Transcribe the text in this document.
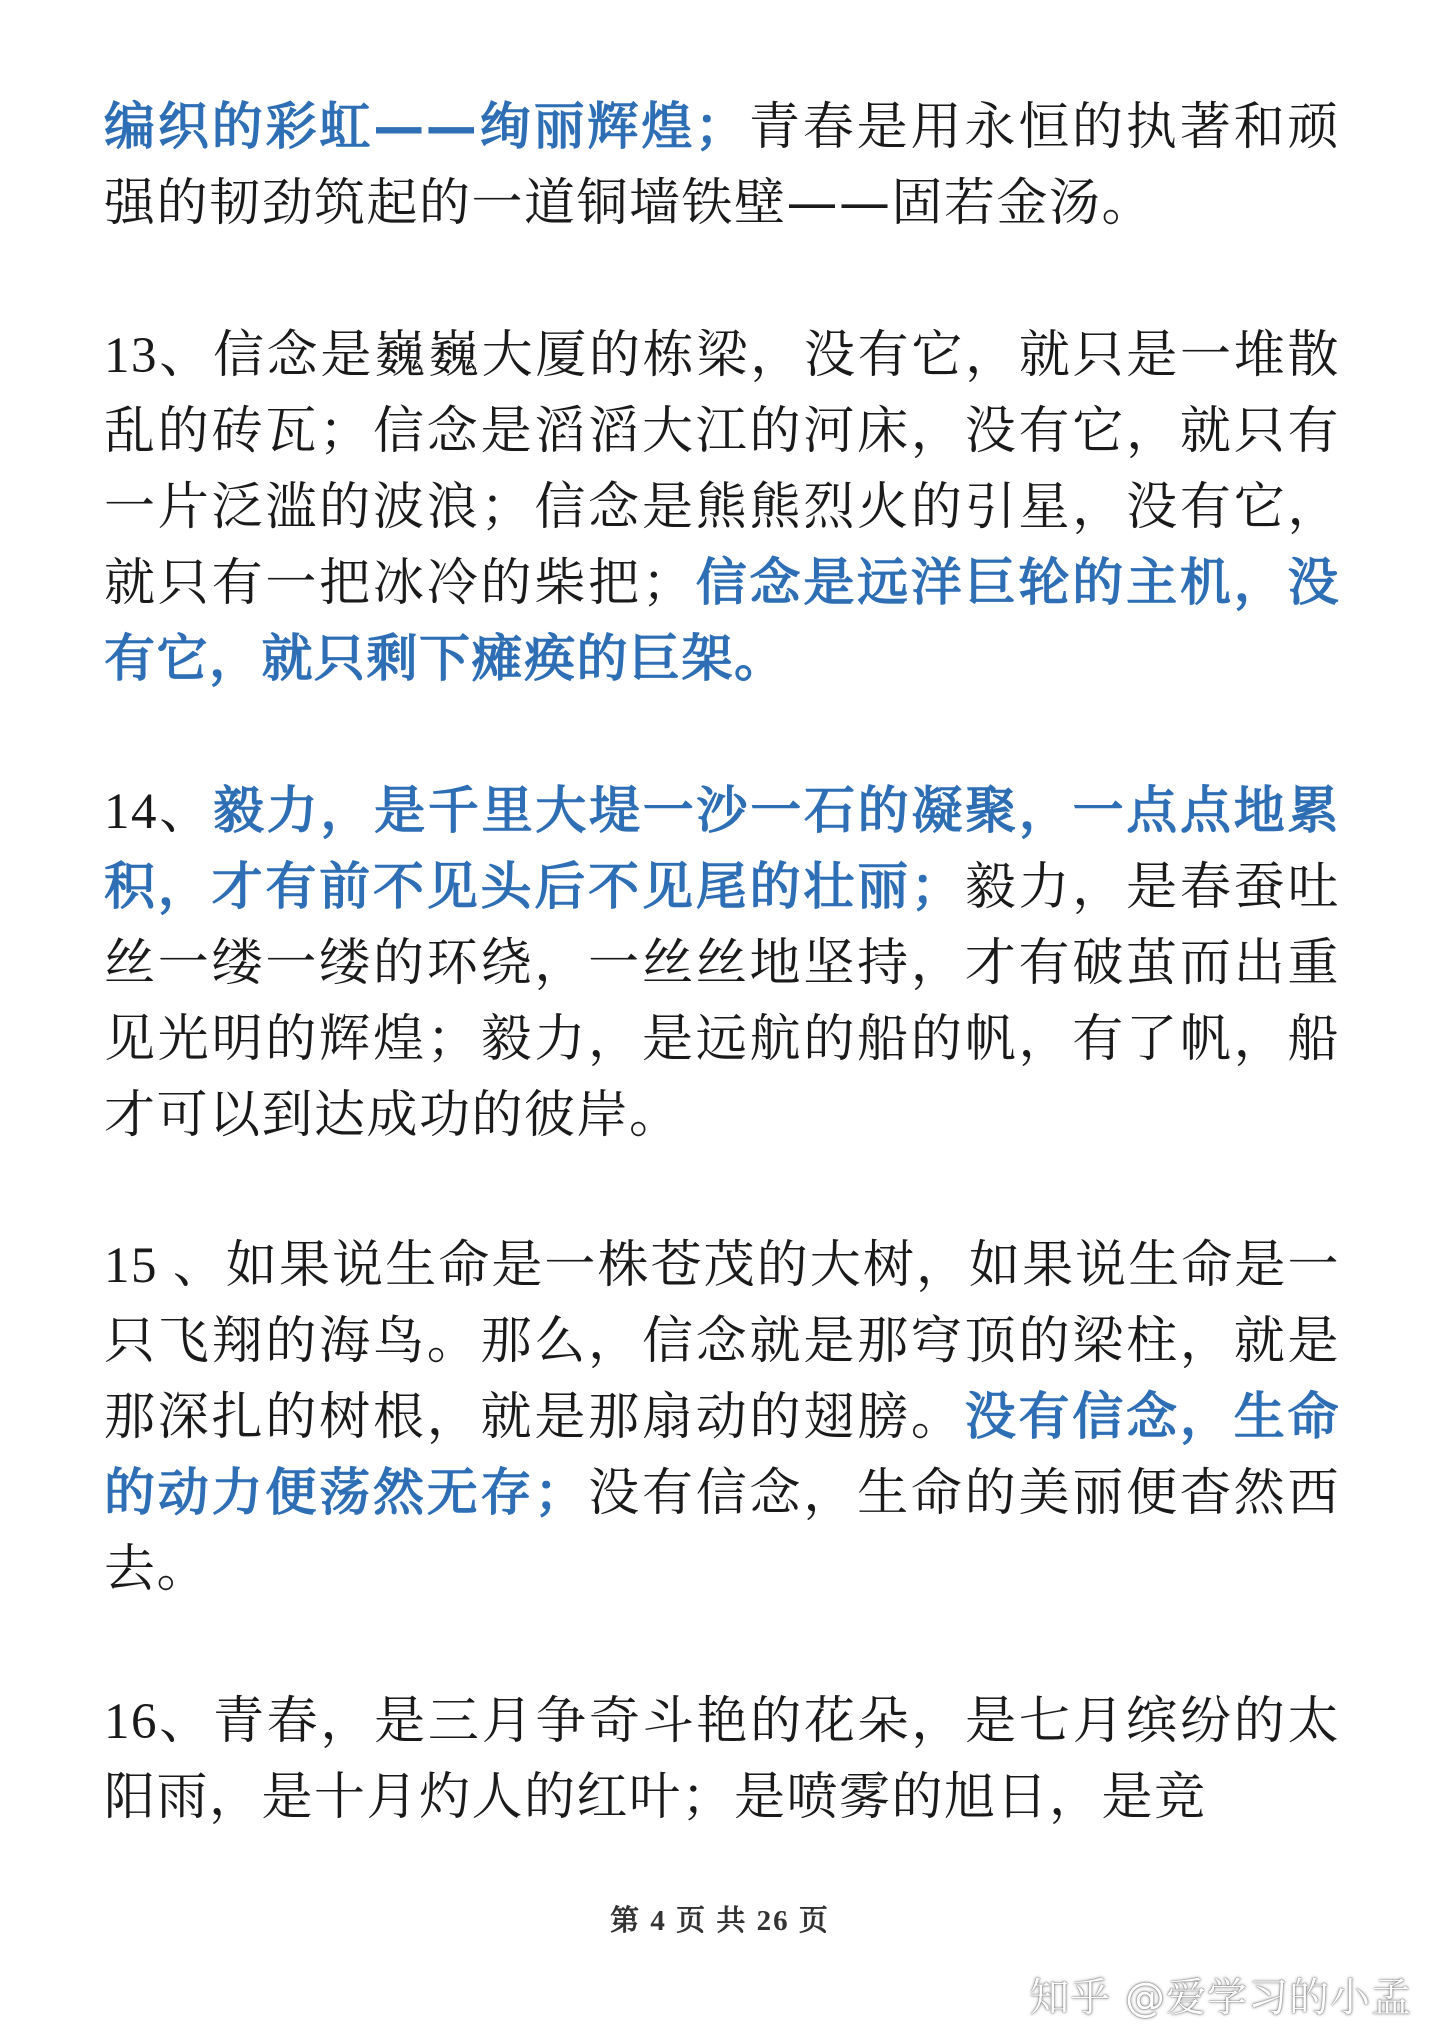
编织的彩虹——绚丽辉煌；青春是用永恒的执著和顽强的韧劲筑起的一道铜墙铁壁——固若金汤。

13、信念是巍巍大厦的栋梁，没有它，就只是一堆散乱的砖瓦；信念是滔滔大江的河床，没有它，就只有一片泛滥的波浪；信念是熊熊烈火的引星，没有它，就只有一把冰冷的柴把；信念是远洋巨轮的主机，没有它，就只剩下瘫痪的巨架。

14、毅力，是千里大堤一沙一石的凝聚，一点点地累积，才有前不见头后不见尾的壮丽；毅力，是春蚕吐丝一缕一缕的环绕，一丝丝地坚持，才有破茧而出重见光明的辉煌；毅力，是远航的船的帆，有了帆，船才可以到达成功的彼岸。

15 、如果说生命是一株苍茂的大树，如果说生命是一只飞翔的海鸟。那么，信念就是那穹顶的梁柱，就是那深扎的树根，就是那扇动的翅膀。没有信念，生命的动力便荡然无存；没有信念，生命的美丽便杳然西去。

16、青春，是三月争奇斗艳的花朵，是七月缤纷的太阳雨，是十月灼人的红叶；是喷雾的旭日，是竞

第 4 页 共 26 页
知乎 @爱学习的小孟
